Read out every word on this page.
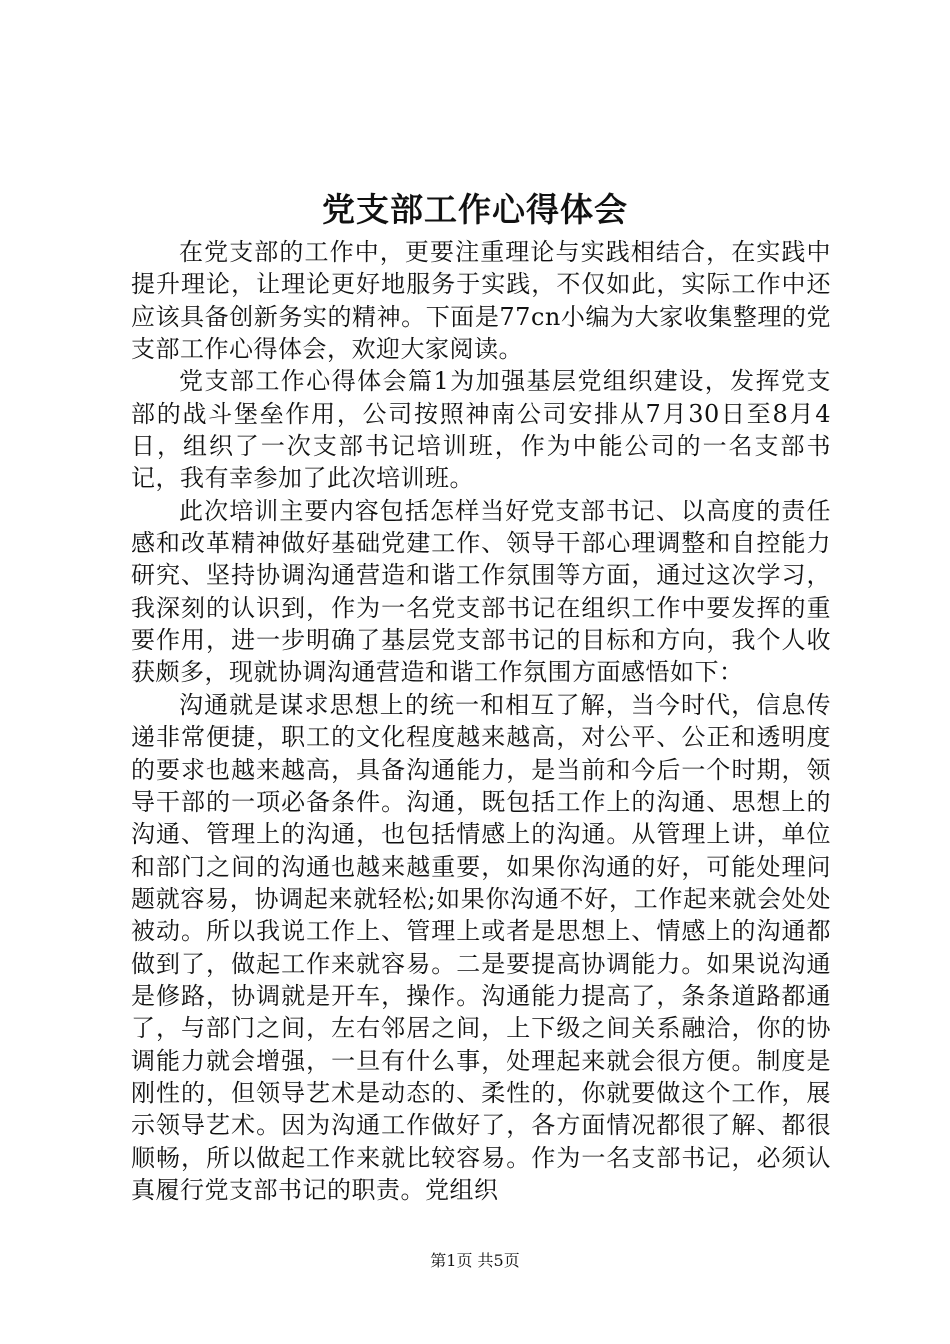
党支部工作心得体会

在党支部的工作中，更要注重理论与实践相结合，在实践中提升理论，让理论更好地服务于实践，不仅如此，实际工作中还应该具备创新务实的精神。下面是77cn小编为大家收集整理的党支部工作心得体会，欢迎大家阅读。

党支部工作心得体会篇1为加强基层党组织建设，发挥党支部的战斗堡垒作用，公司按照神南公司安排从7月30日至8月4日，组织了一次支部书记培训班，作为中能公司的一名支部书记，我有幸参加了此次培训班。

此次培训主要内容包括怎样当好党支部书记、以高度的责任感和改革精神做好基础党建工作、领导干部心理调整和自控能力研究、坚持协调沟通营造和谐工作氛围等方面，通过这次学习，我深刻的认识到，作为一名党支部书记在组织工作中要发挥的重要作用，进一步明确了基层党支部书记的目标和方向，我个人收获颇多，现就协调沟通营造和谐工作氛围方面感悟如下：

沟通就是谋求思想上的统一和相互了解，当今时代，信息传递非常便捷，职工的文化程度越来越高，对公平、公正和透明度的要求也越来越高，具备沟通能力，是当前和今后一个时期，领导干部的一项必备条件。沟通，既包括工作上的沟通、思想上的沟通、管理上的沟通，也包括情感上的沟通。从管理上讲，单位和部门之间的沟通也越来越重要，如果你沟通的好，可能处理问题就容易，协调起来就轻松;如果你沟通不好，工作起来就会处处被动。所以我说工作上、管理上或者是思想上、情感上的沟通都做到了，做起工作来就容易。二是要提高协调能力。如果说沟通是修路，协调就是开车，操作。沟通能力提高了，条条道路都通了，与部门之间，左右邻居之间，上下级之间关系融洽，你的协调能力就会增强，一旦有什么事，处理起来就会很方便。制度是刚性的，但领导艺术是动态的、柔性的，你就要做这个工作，展示领导艺术。因为沟通工作做好了，各方面情况都很了解、都很顺畅，所以做起工作来就比较容易。作为一名支部书记，必须认真履行党支部书记的职责。党组织

第1页 共5页
